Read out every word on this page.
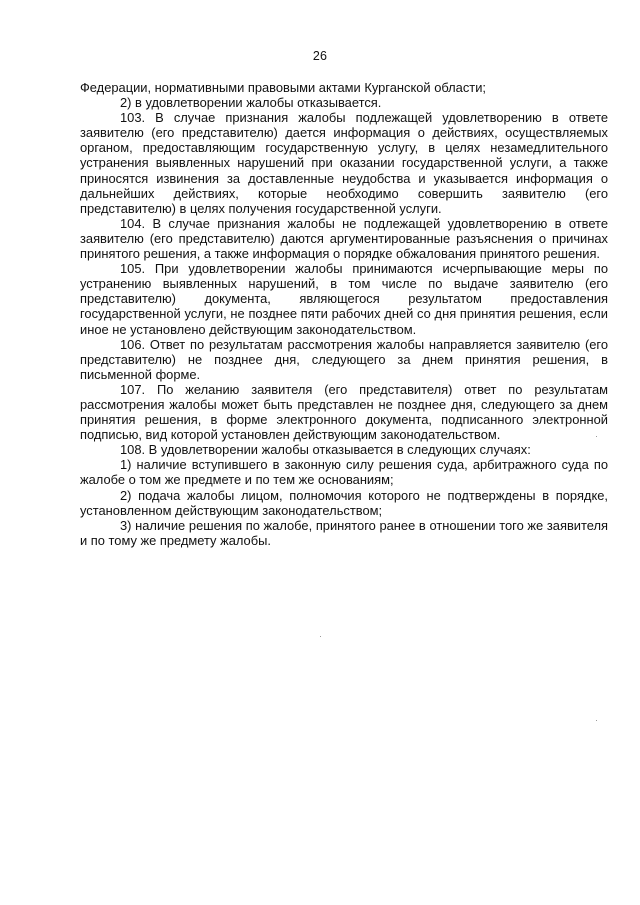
26

Федерации, нормативными правовыми актами Курганской области;

2) в удовлетворении жалобы отказывается.

103. В случае признания жалобы подлежащей удовлетворению в ответе заявителю (его представителю) дается информация о действиях, осуществляемых органом, предоставляющим государственную услугу, в целях незамедлительного устранения выявленных нарушений при оказании государственной услуги, а также приносятся извинения за доставленные неудобства и указывается информация о дальнейших действиях, которые необходимо совершить заявителю (его представителю) в целях получения государственной услуги.

104. В случае признания жалобы не подлежащей удовлетворению в ответе заявителю (его представителю) даются аргументированные разъяснения о причинах принятого решения, а также информация о порядке обжалования принятого решения.

105. При удовлетворении жалобы принимаются исчерпывающие меры по устранению выявленных нарушений, в том числе по выдаче заявителю (его представителю) документа, являющегося результатом предоставления государственной услуги, не позднее пяти рабочих дней со дня принятия решения, если иное не установлено действующим законодательством.

106. Ответ по результатам рассмотрения жалобы направляется заявителю (его представителю) не позднее дня, следующего за днем принятия решения, в письменной форме.

107. По желанию заявителя (его представителя) ответ по результатам рассмотрения жалобы может быть представлен не позднее дня, следующего за днем принятия решения, в форме электронного документа, подписанного электронной подписью, вид которой установлен действующим законодательством.

108. В удовлетворении жалобы отказывается в следующих случаях:

1) наличие вступившего в законную силу решения суда, арбитражного суда по жалобе о том же предмете и по тем же основаниям;

2) подача жалобы лицом, полномочия которого не подтверждены в порядке, установленном действующим законодательством;

3) наличие решения по жалобе, принятого ранее в отношении того же заявителя и по тому же предмету жалобы.
